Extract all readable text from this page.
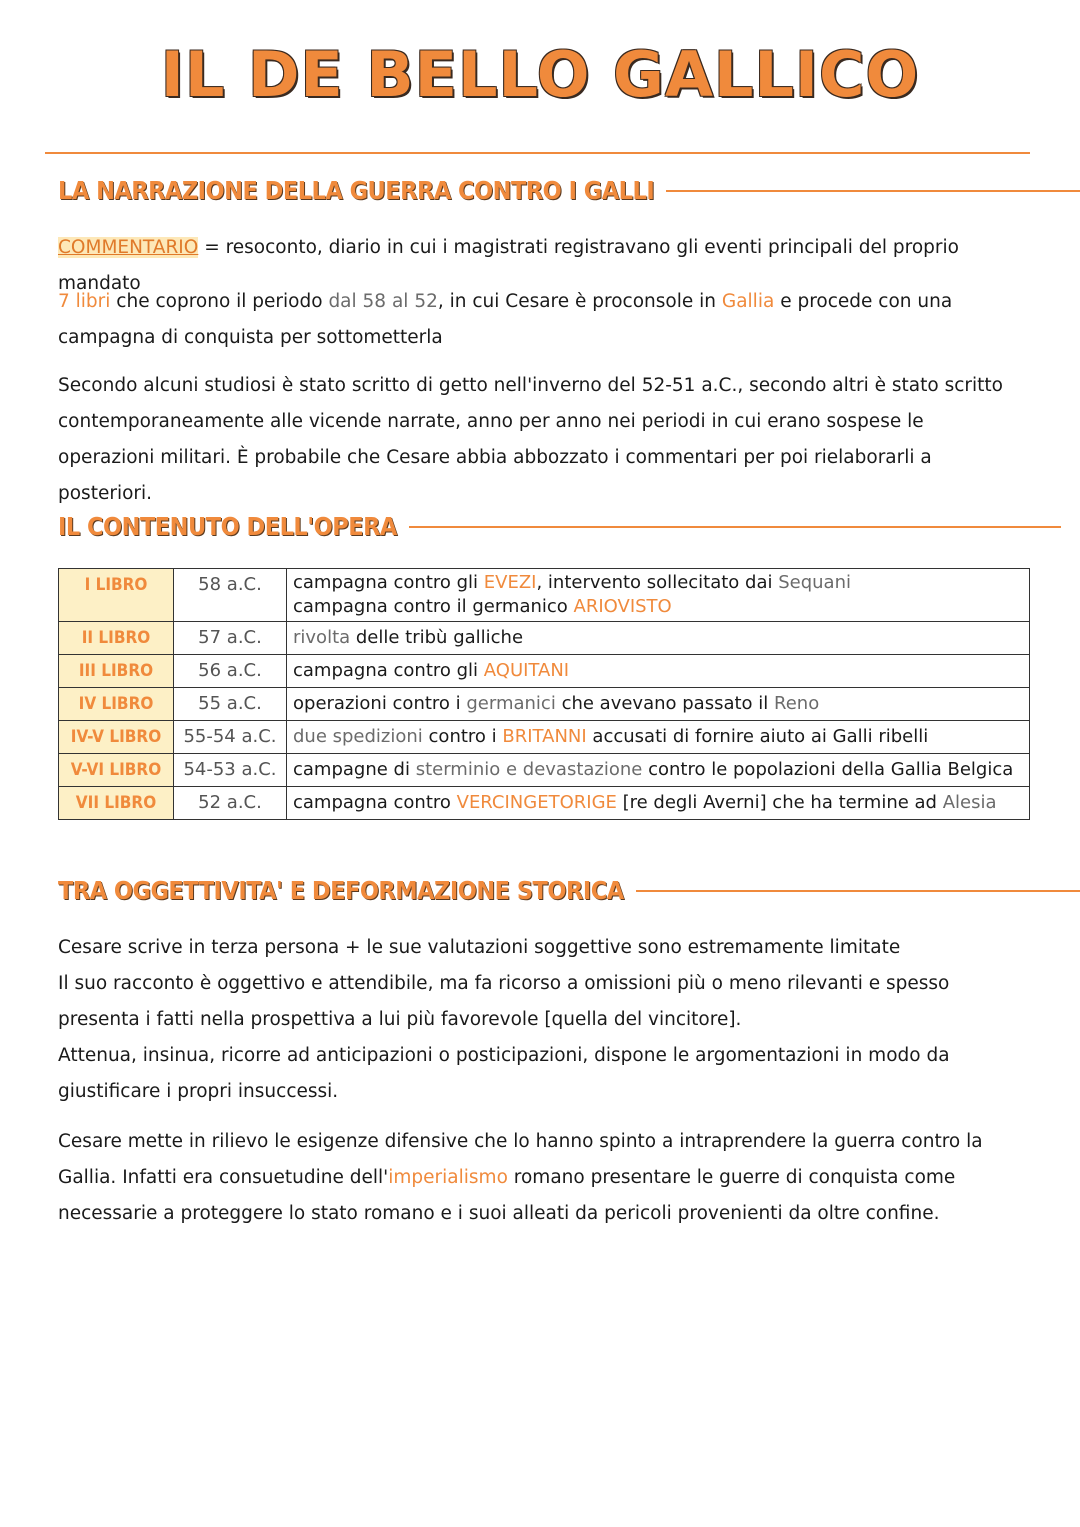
IL DE BELLO GALLICO
LA NARRAZIONE DELLA GUERRA CONTRO I GALLI
COMMENTARIO = resoconto, diario in cui i magistrati registravano gli eventi principali del proprio mandato
7 libri che coprono il periodo dal 58 al 52, in cui Cesare è proconsole in Gallia e procede con una campagna di conquista per sottometterla
Secondo alcuni studiosi è stato scritto di getto nell'inverno del 52-51 a.C., secondo altri è stato scritto contemporaneamente alle vicende narrate, anno per anno nei periodi in cui erano sospese le operazioni militari. È probabile che Cesare abbia abbozzato i commentari per poi rielaborarli a posteriori.
IL CONTENUTO DELL'OPERA
I LIBRO	58 a.C.	campagna contro gli EVEZI, intervento sollecitato dai Sequani
campagna contro il germanico ARIOVISTO

II LIBRO	57 a.C.	rivolta delle tribù galliche
III LIBRO	56 a.C.	campagna contro gli AQUITANI
IV LIBRO	55 a.C.	operazioni contro i germanici che avevano passato il Reno
IV-V LIBRO	55-54 a.C.	due spedizioni contro i BRITANNI accusati di fornire aiuto ai Galli ribelli
V-VI LIBRO	54-53 a.C.	campagne di sterminio e devastazione contro le popolazioni della Gallia Belgica
VII LIBRO	52 a.C.	campagna contro VERCINGETORIGE [re degli Averni] che ha termine ad Alesia
TRA OGGETTIVITA' E DEFORMAZIONE STORICA
Cesare scrive in terza persona + le sue valutazioni soggettive sono estremamente limitate
Il suo racconto è oggettivo e attendibile, ma fa ricorso a omissioni più o meno rilevanti e spesso presenta i fatti nella prospettiva a lui più favorevole [quella del vincitore].
Attenua, insinua, ricorre ad anticipazioni o posticipazioni, dispone le argomentazioni in modo da giustificare i propri insuccessi.
Cesare mette in rilievo le esigenze difensive che lo hanno spinto a intraprendere la guerra contro la Gallia. Infatti era consuetudine dell'imperialismo romano presentare le guerre di conquista come necessarie a proteggere lo stato romano e i suoi alleati da pericoli provenienti da oltre confine.
